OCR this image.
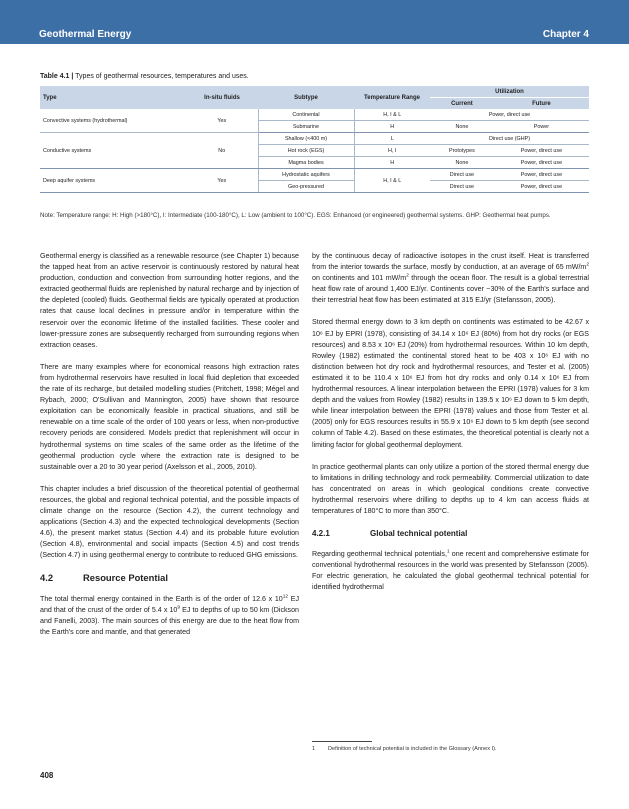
Geothermal Energy	Chapter 4
Table 4.1 | Types of geothermal resources, temperatures and uses.
Type	In-situ fluids	Subtype	Temperature Range	Utilization	
				Current	Future
Convective systems (hydrothermal)	Yes	Continental	H, I & L	Power, direct use	
		Submarine	H	None	Power
Conductive systems	No	Shallow (<400 m)	L	Direct use (GHP)	
		Hot rock (EGS)	H, I	Prototypes	Power, direct use
		Magma bodies	H	None	Power, direct use
Deep aquifer systems	Yes	Hydrostatic aquifers	H, I & L	Direct use	Power, direct use
		Geo-pressured		Direct use	Power, direct use
Note: Temperature range: H: High (>180°C), I: Intermediate (100-180°C), L: Low (ambient to 100°C). EGS: Enhanced (or engineered) geothermal systems. GHP: Geothermal heat pumps.

Geothermal energy is classified as a renewable resource (see Chapter 1) because the tapped heat from an active reservoir is continuously restored by natural heat production, conduction and convection from surrounding hotter regions, and the extracted geothermal fluids are replenished by natural recharge and by injection of the depleted (cooled) fluids. Geothermal fields are typically operated at production rates that cause local declines in pressure and/or in temperature within the reservoir over the economic lifetime of the installed facilities. These cooler and lower-pressure zones are subsequently recharged from surrounding regions when extraction ceases.

There are many examples where for economical reasons high extraction rates from hydrothermal reservoirs have resulted in local fluid depletion that exceeded the rate of its recharge, but detailed modelling studies (Pritchett, 1998; Mégel and Rybach, 2000; O'Sullivan and Mannington, 2005) have shown that resource exploitation can be economically feasible in practical situations, and still be renewable on a time scale of the order of 100 years or less, when non-productive recovery periods are considered. Models predict that replenishment will occur in hydrothermal systems on time scales of the same order as the lifetime of the geothermal production cycle where the extraction rate is designed to be sustainable over a 20 to 30 year period (Axelsson et al., 2005, 2010).

This chapter includes a brief discussion of the theoretical potential of geothermal resources, the global and regional technical potential, and the possible impacts of climate change on the resource (Section 4.2), the current technology and applications (Section 4.3) and the expected technological developments (Section 4.6), the present market status (Section 4.4) and its probable future evolution (Section 4.8), environmental and social impacts (Section 4.5) and cost trends (Section 4.7) in using geothermal energy to contribute to reduced GHG emissions.

4.2	Resource Potential

The total thermal energy contained in the Earth is of the order of 12.6 x $10^{12}$ EJ and that of the crust of the order of 5.4 x $10^9$ EJ to depths of up to 50 km (Dickson and Fanelli, 2003). The main sources of this energy are due to the heat flow from the Earth's core and mantle, and that generated

by the continuous decay of radioactive isotopes in the crust itself. Heat is transferred from the interior towards the surface, mostly by conduction, at an average of 65 $mW/m^2$ on continents and 101 $mW/m^2$ through the ocean floor. The result is a global terrestrial heat flow rate of around 1,400 EJ/yr. Continents cover ~30% of the Earth's surface and their terrestrial heat flow has been estimated at 315 EJ/yr (Stefansson, 2005).

Stored thermal energy down to 3 km depth on continents was estimated to be 42.67 x 10⁶ EJ by EPRI (1978), consisting of 34.14 x 10⁶ EJ (80%) from hot dry rocks (or EGS resources) and 8.53 x 10⁶ EJ (20%) from hydrothermal resources. Within 10 km depth, Rowley (1982) estimated the continental stored heat to be 403 x 10⁶ EJ with no distinction between hot dry rock and hydrothermal resources, and Tester et al. (2005) estimated it to be 110.4 x 10⁶ EJ from hot dry rocks and only 0.14 x 10⁶ EJ from hydrothermal resources. A linear interpolation between the EPRI (1978) values for 3 km depth and the values from Rowley (1982) results in 139.5 x 10⁶ EJ down to 5 km depth, while linear interpolation between the EPRI (1978) values and those from Tester et al. (2005) only for EGS resources results in 55.9 x 10⁶ EJ down to 5 km depth (see second column of Table 4.2). Based on these estimates, the theoretical potential is clearly not a limiting factor for global geothermal deployment.

In practice geothermal plants can only utilize a portion of the stored thermal energy due to limitations in drilling technology and rock permeability. Commercial utilization to date has concentrated on areas in which geological conditions create convective hydrothermal reservoirs where drilling to depths up to 4 km can access fluids at temperatures of 180°C to more than 350°C.

4.2.1	Global technical potential

Regarding geothermal technical potentials,$^1$ one recent and comprehensive estimate for conventional hydrothermal resources in the world was presented by Stefansson (2005). For electric generation, he calculated the global geothermal technical potential for identified hydrothermal

1 Definition of technical potential is included in the Glossary (Annex I).
408
